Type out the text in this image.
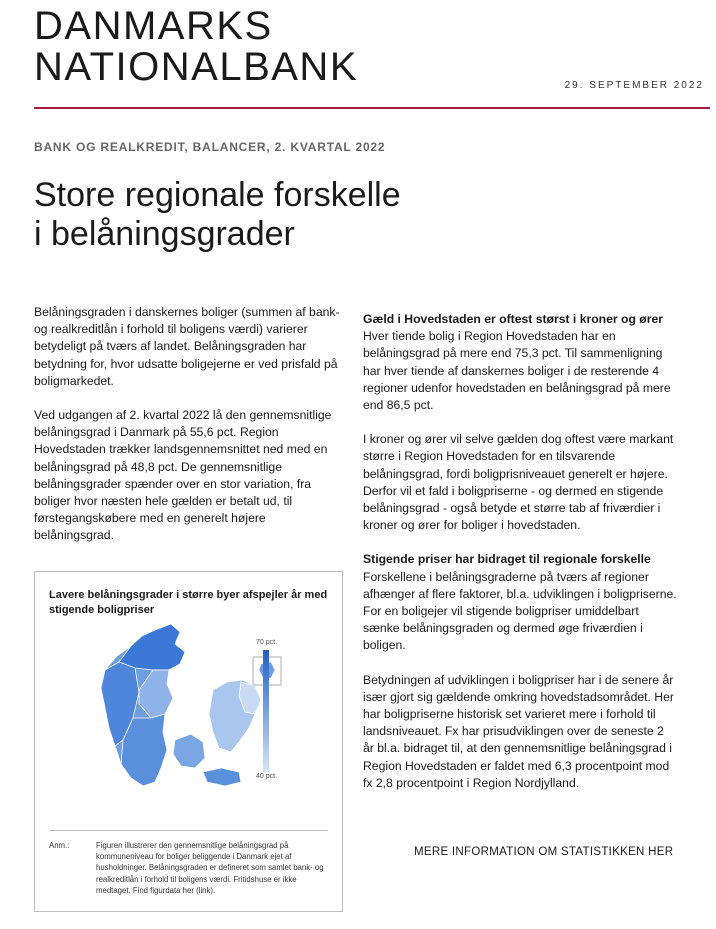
DANMARKS
NATIONALBANK	29. SEPTEMBER 2022
BANK OG REALKREDIT, BALANCER, 2. KVARTAL 2022
Store regionale forskelle
i belåningsgrader

Belåningsgraden i danskernes boliger (summen af bank- og realkreditlån i forhold til boligens værdi) varierer betydeligt på tværs af landet. Belåningsgraden har betydning for, hvor udsatte boligejerne er ved prisfald på boligmarkedet.

Ved udgangen af 2. kvartal 2022 lå den gennemsnitlige belåningsgrad i Danmark på 55,6 pct. Region Hovedstaden trækker landsgennemsnittet ned med en belåningsgrad på 48,8 pct. De gennemsnitlige belåningsgrader spænder over en stor variation, fra boliger hvor næsten hele gælden er betalt ud, til førstegangskøbere med en generelt højere belåningsgrad.

Lavere belåningsgrader i større byer afspejler år med stigende boligpriser
70 pct.
40 pct.
Anm.:	Figuren illustrerer den gennemsnitlige belåningsgrad på kommuneniveau for boliger beliggende i Danmark ejet af husholdninger. Belåningsgraden er defineret som samlet bank- og realkreditlån i forhold til boligens værdi. Fritidshuse er ikke medtaget. Find figurdata her (link).
Gæld i Hovedstaden er oftest størst i kroner og ører

Hver tiende bolig i Region Hovedstaden har en belåningsgrad på mere end 75,3 pct. Til sammenligning har hver tiende af danskernes boliger i de resterende 4 regioner udenfor hovedstaden en belåningsgrad på mere end 86,5 pct.

I kroner og ører vil selve gælden dog oftest være markant større i Region Hovedstaden for en tilsvarende belåningsgrad, fordi boligprisniveauet generelt er højere. Derfor vil et fald i boligpriserne - og dermed en stigende belåningsgrad - også betyde et større tab af friværdier i kroner og ører for boliger i hovedstaden.

Stigende priser har bidraget til regionale forskelle

Forskellene i belåningsgraderne på tværs af regioner afhænger af flere faktorer, bl.a. udviklingen i boligpriserne. For en boligejer vil stigende boligpriser umiddelbart sænke belåningsgraden og dermed øge friværdien i boligen.

Betydningen af udviklingen i boligpriser har i de senere år især gjort sig gældende omkring hovedstadsområdet. Her har boligpriserne historisk set varieret mere i forhold til landsniveauet. Fx har prisudviklingen over de seneste 2 år bl.a. bidraget til, at den gennemsnitlige belåningsgrad i Region Hovedstaden er faldet med 6,3 procentpoint mod fx 2,8 procentpoint i Region Nordjylland.

MERE INFORMATION OM STATISTIKKEN HER
